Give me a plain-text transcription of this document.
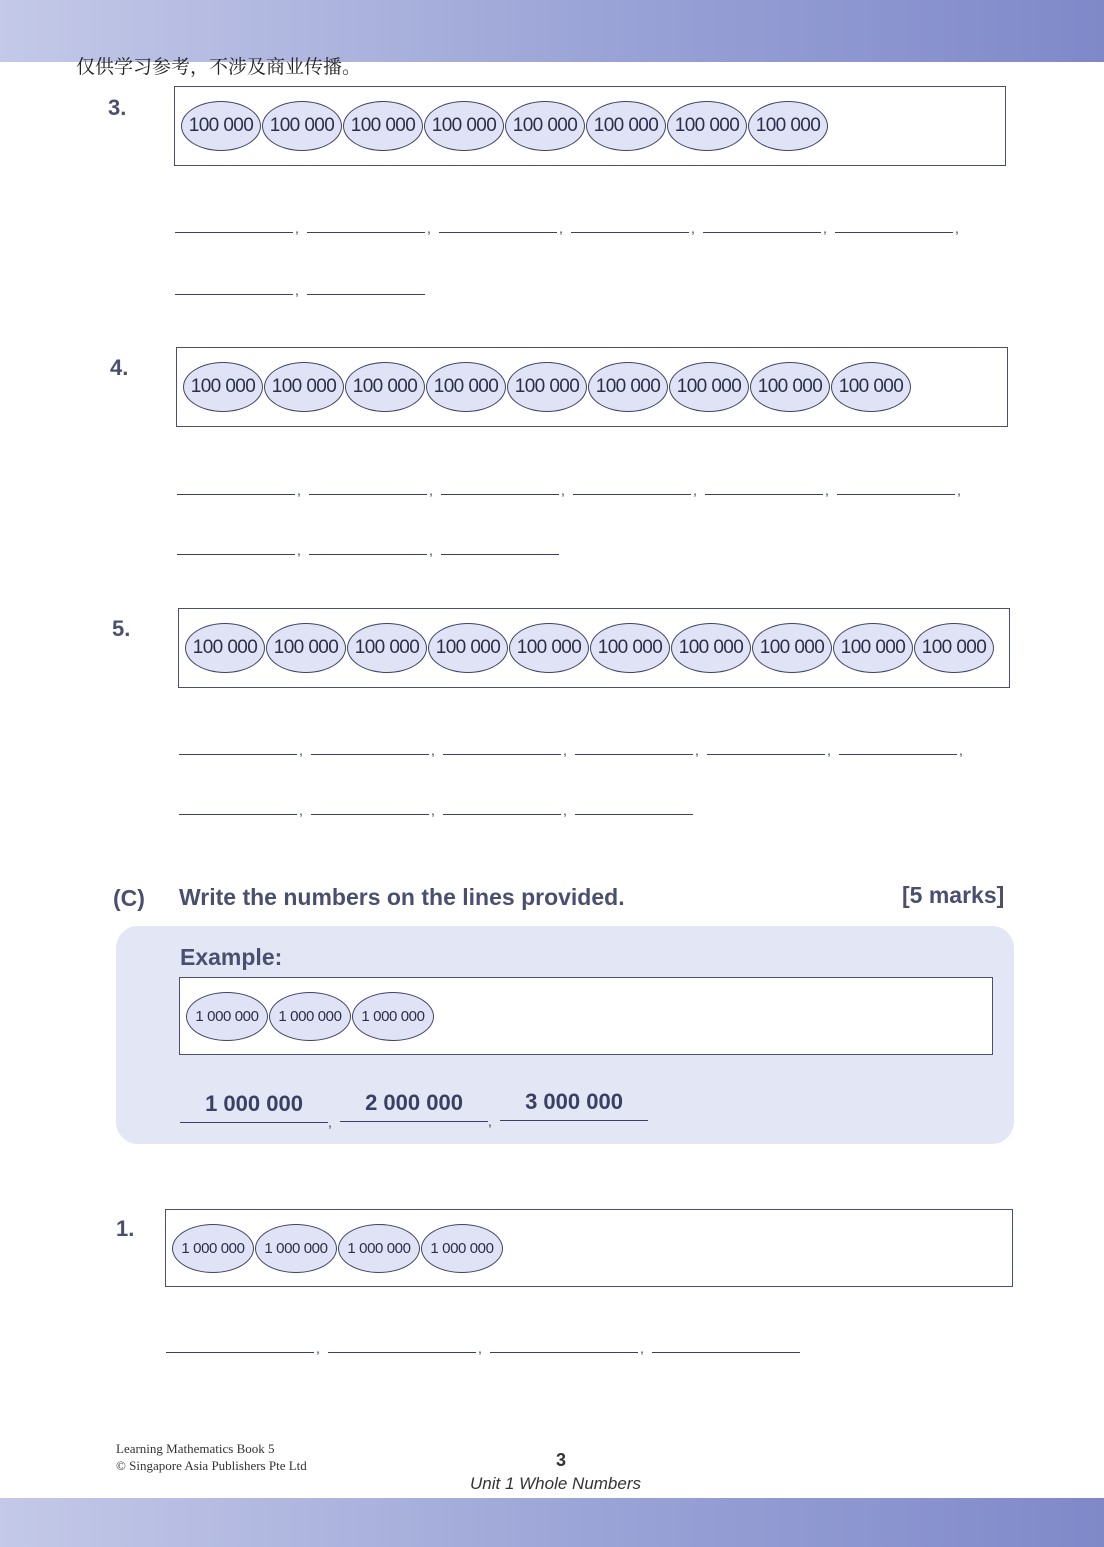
仅供学习参考，不涉及商业传播。
3.
100 000 100 000 100 000 100 000 100 000 100 000 100 000 100 000
,	,	,	,	,	,
,
4.
100 000 100 000 100 000 100 000 100 000 100 000 100 000 100 000 100 000
,	,	,	,	,	,
,	,
5.
100 000 100 000 100 000 100 000 100 000 100 000 100 000 100 000 100 000 100 000
,	,	,	,	,	,
,	,	,
(C) Write the numbers on the lines provided.	[5 marks]
Example:
1 000 000	1 000 000	1 000 000
1 000 000
,
2 000 000
,
3 000 000
1.
1 000 000	1 000 000	1 000 000	1 000 000
,	,	,
Learning Mathematics Book 5
© Singapore Asia Publishers Pte Ltd	3
Unit 1 Whole Numbers
